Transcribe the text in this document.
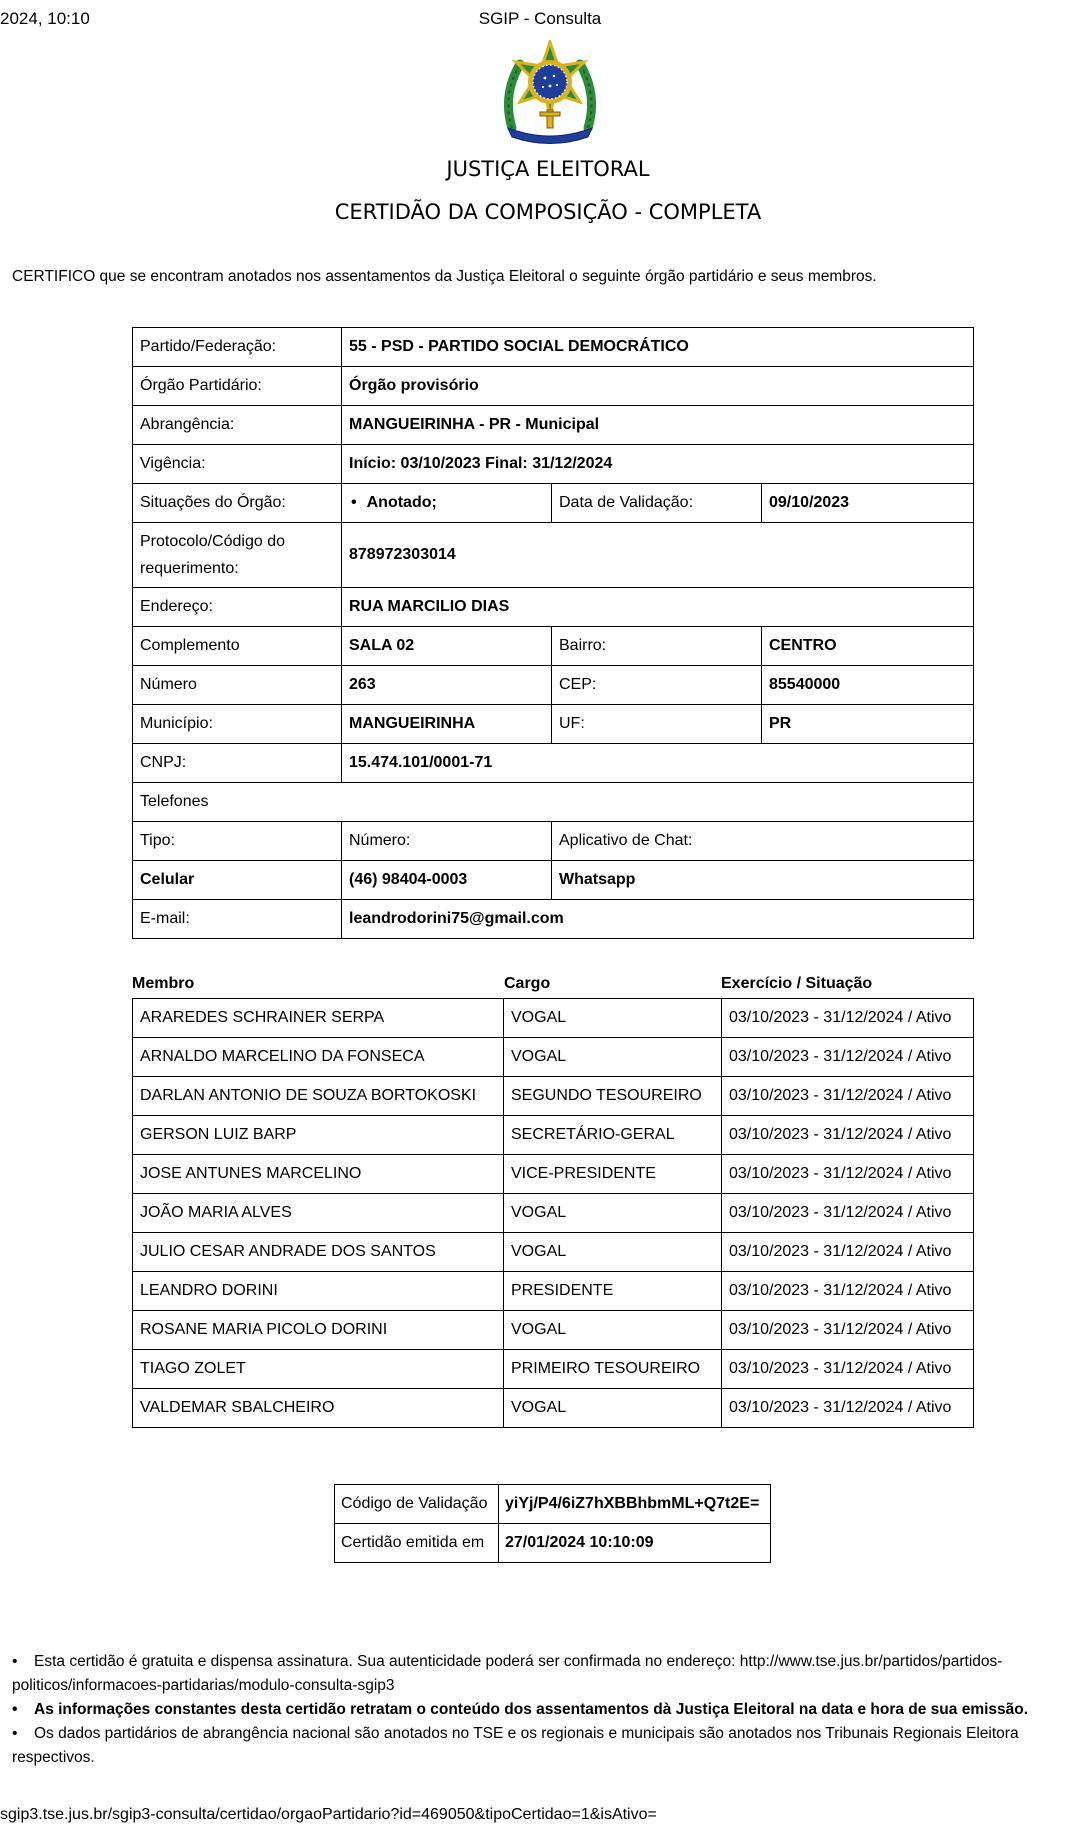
2024, 10:10	SGIP - Consulta
JUSTIÇA ELEITORAL
CERTIDÃO DA COMPOSIÇÃO - COMPLETA
CERTIFICO que se encontram anotados nos assentamentos da Justiça Eleitoral o seguinte órgão partidário e seus membros.
Partido/Federação:	55 - PSD - PARTIDO SOCIAL DEMOCRÁTICO		
Órgão Partidário:	Órgão provisório		
Abrangência:	MANGUEIRINHA - PR - Municipal		
Vigência:	Início: 03/10/2023 Final: 31/12/2024		
Situações do Órgão:	• Anotado;	Data de Validação:	09/10/2023
Protocolo/Código do requerimento:	878972303014		
Endereço:	RUA MARCILIO DIAS		
Complemento	SALA 02	Bairro:	CENTRO
Número	263	CEP:	85540000
Município:	MANGUEIRINHA	UF:	PR
CNPJ:	15.474.101/0001-71		
Telefones			
Tipo:	Número:	Aplicativo de Chat:	
Celular	(46) 98404-0003	Whatsapp	
E-mail:	leandrodorini75@gmail.com		
Membro	Cargo	Exercício / Situação
ARAREDES SCHRAINER SERPA	VOGAL	03/10/2023 - 31/12/2024 / Ativo
ARNALDO MARCELINO DA FONSECA	VOGAL	03/10/2023 - 31/12/2024 / Ativo
DARLAN ANTONIO DE SOUZA BORTOKOSKI	SEGUNDO TESOUREIRO	03/10/2023 - 31/12/2024 / Ativo
GERSON LUIZ BARP	SECRETÁRIO-GERAL	03/10/2023 - 31/12/2024 / Ativo
JOSE ANTUNES MARCELINO	VICE-PRESIDENTE	03/10/2023 - 31/12/2024 / Ativo
JOÃO MARIA ALVES	VOGAL	03/10/2023 - 31/12/2024 / Ativo
JULIO CESAR ANDRADE DOS SANTOS	VOGAL	03/10/2023 - 31/12/2024 / Ativo
LEANDRO DORINI	PRESIDENTE	03/10/2023 - 31/12/2024 / Ativo
ROSANE MARIA PICOLO DORINI	VOGAL	03/10/2023 - 31/12/2024 / Ativo
TIAGO ZOLET	PRIMEIRO TESOUREIRO	03/10/2023 - 31/12/2024 / Ativo
VALDEMAR SBALCHEIRO	VOGAL	03/10/2023 - 31/12/2024 / Ativo
Código de Validação	yiYj/P4/6iZ7hXBBhbmML+Q7t2E=
Certidão emitida em	27/01/2024 10:10:09
• Esta certidão é gratuita e dispensa assinatura. Sua autenticidade poderá ser confirmada no endereço: http://www.tse.jus.br/partidos/partidos-
politicos/informacoes-partidarias/modulo-consulta-sgip3
• As informações constantes desta certidão retratam o conteúdo dos assentamentos dà Justiça Eleitoral na data e hora de sua emissão.
• Os dados partidários de abrangência nacional são anotados no TSE e os regionais e municipais são anotados nos Tribunais Regionais Eleitora
respectivos.
sgip3.tse.jus.br/sgip3-consulta/certidao/orgaoPartidario?id=469050&tipoCertidao=1&isAtivo=
